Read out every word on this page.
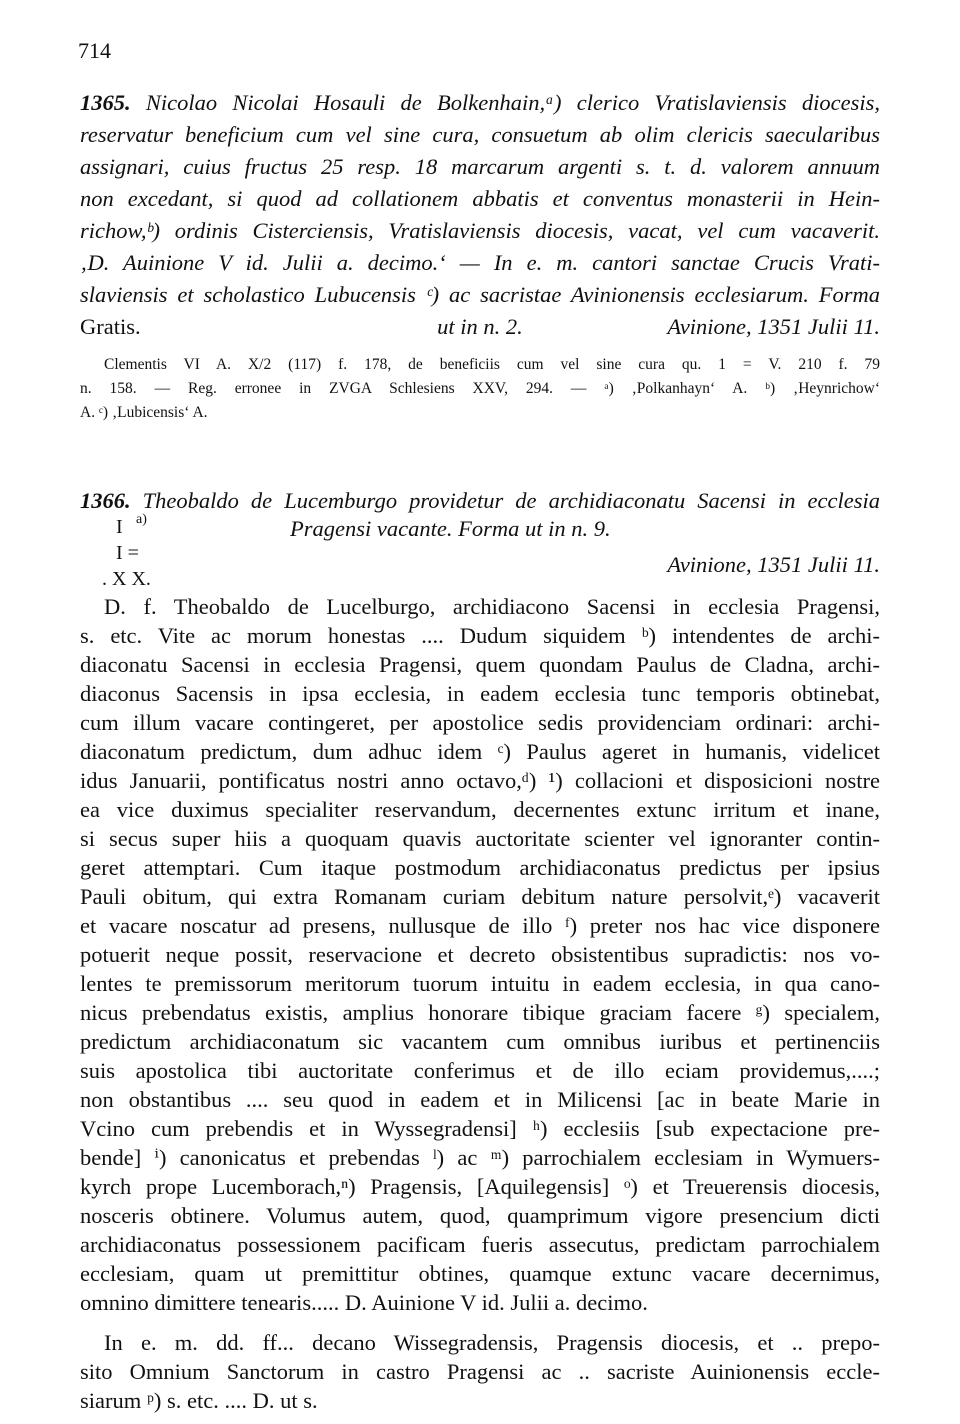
714
1365. Nicolao Nicolai Hosauli de Bolkenhain,ᵃ) clerico Vratislaviensis diocesis,
reservatur beneficium cum vel sine cura, consuetum ab olim clericis saecularibus
assignari, cuius fructus 25 resp. 18 marcarum argenti s. t. d. valorem annuum
non excedant, si quod ad collationem abbatis et conventus monasterii in Hein-
richow,ᵇ) ordinis Cisterciensis, Vratislaviensis diocesis, vacat, vel cum vacaverit.
‚D. Auinione V id. Julii a. decimo.‘ — In e. m. cantori sanctae Crucis Vrati-
slaviensis et scholastico Lubucensis ᶜ) ac sacristae Avinionensis ecclesiarum. Forma
ut in n. 2.
Gratis.	Avinione, 1351 Julii 11.
Clementis VI A. X/2 (117) f. 178, de beneficiis cum vel sine cura qu. 1 = V. 210 f. 79
n. 158. — Reg. erronee in ZVGA Schlesiens XXV, 294. — ᵃ) ‚Polkanhayn‘ A. ᵇ) ‚Heynrichow‘
A. ᶜ) ‚Lubicensis‘ A.
1366. Theobaldo de Lucemburgo providetur de archidiaconatu Sacensi in ecclesia
Pragensi vacante. Forma ut in n. 9.
I a)
I =
. X X.
Avinione, 1351 Julii 11.
D. f. Theobaldo de Lucelburgo, archidiacono Sacensi in ecclesia Pragensi,
s. etc. Vite ac morum honestas .... Dudum siquidem ᵇ) intendentes de archi-
diaconatu Sacensi in ecclesia Pragensi, quem quondam Paulus de Cladna, archi-
diaconus Sacensis in ipsa ecclesia, in eadem ecclesia tunc temporis obtinebat,
cum illum vacare contingeret, per apostolice sedis providenciam ordinari: archi-
diaconatum predictum, dum adhuc idem ᶜ) Paulus ageret in humanis, videlicet
idus Januarii, pontificatus nostri anno octavo,ᵈ) ¹) collacioni et disposicioni nostre
ea vice duximus specialiter reservandum, decernentes extunc irritum et inane,
si secus super hiis a quoquam quavis auctoritate scienter vel ignoranter contin-
geret attemptari. Cum itaque postmodum archidiaconatus predictus per ipsius
Pauli obitum, qui extra Romanam curiam debitum nature persolvit,ᵉ) vacaverit
et vacare noscatur ad presens, nullusque de illo ᶠ) preter nos hac vice disponere
potuerit neque possit, reservacione et decreto obsistentibus supradictis: nos vo-
lentes te premissorum meritorum tuorum intuitu in eadem ecclesia, in qua cano-
nicus prebendatus existis, amplius honorare tibique graciam facere ᵍ) specialem,
predictum archidiaconatum sic vacantem cum omnibus iuribus et pertinenciis
suis apostolica tibi auctoritate conferimus et de illo eciam providemus,....;
non obstantibus .... seu quod in eadem et in Milicensi [ac in beate Marie in
Vcino cum prebendis et in Wyssegradensi] ʰ) ecclesiis [sub expectacione pre-
bende] ⁱ) canonicatus et prebendas ˡ) ac ᵐ) parrochialem ecclesiam in Wymuers-
kyrch prope Lucemborach,ⁿ) Pragensis, [Aquilegensis] ᵒ) et Treuerensis diocesis,
nosceris obtinere. Volumus autem, quod, quamprimum vigore presencium dicti
archidiaconatus possessionem pacificam fueris assecutus, predictam parrochialem
ecclesiam, quam ut premittitur obtines, quamque extunc vacare decernimus,
omnino dimittere tenearis..... D. Auinione V id. Julii a. decimo.
In e. m. dd. ff... decano Wissegradensis, Pragensis diocesis, et .. prepo-
sito Omnium Sanctorum in castro Pragensi ac .. sacriste Auinionensis eccle-
siarum ᵖ) s. etc. .... D. ut s.
